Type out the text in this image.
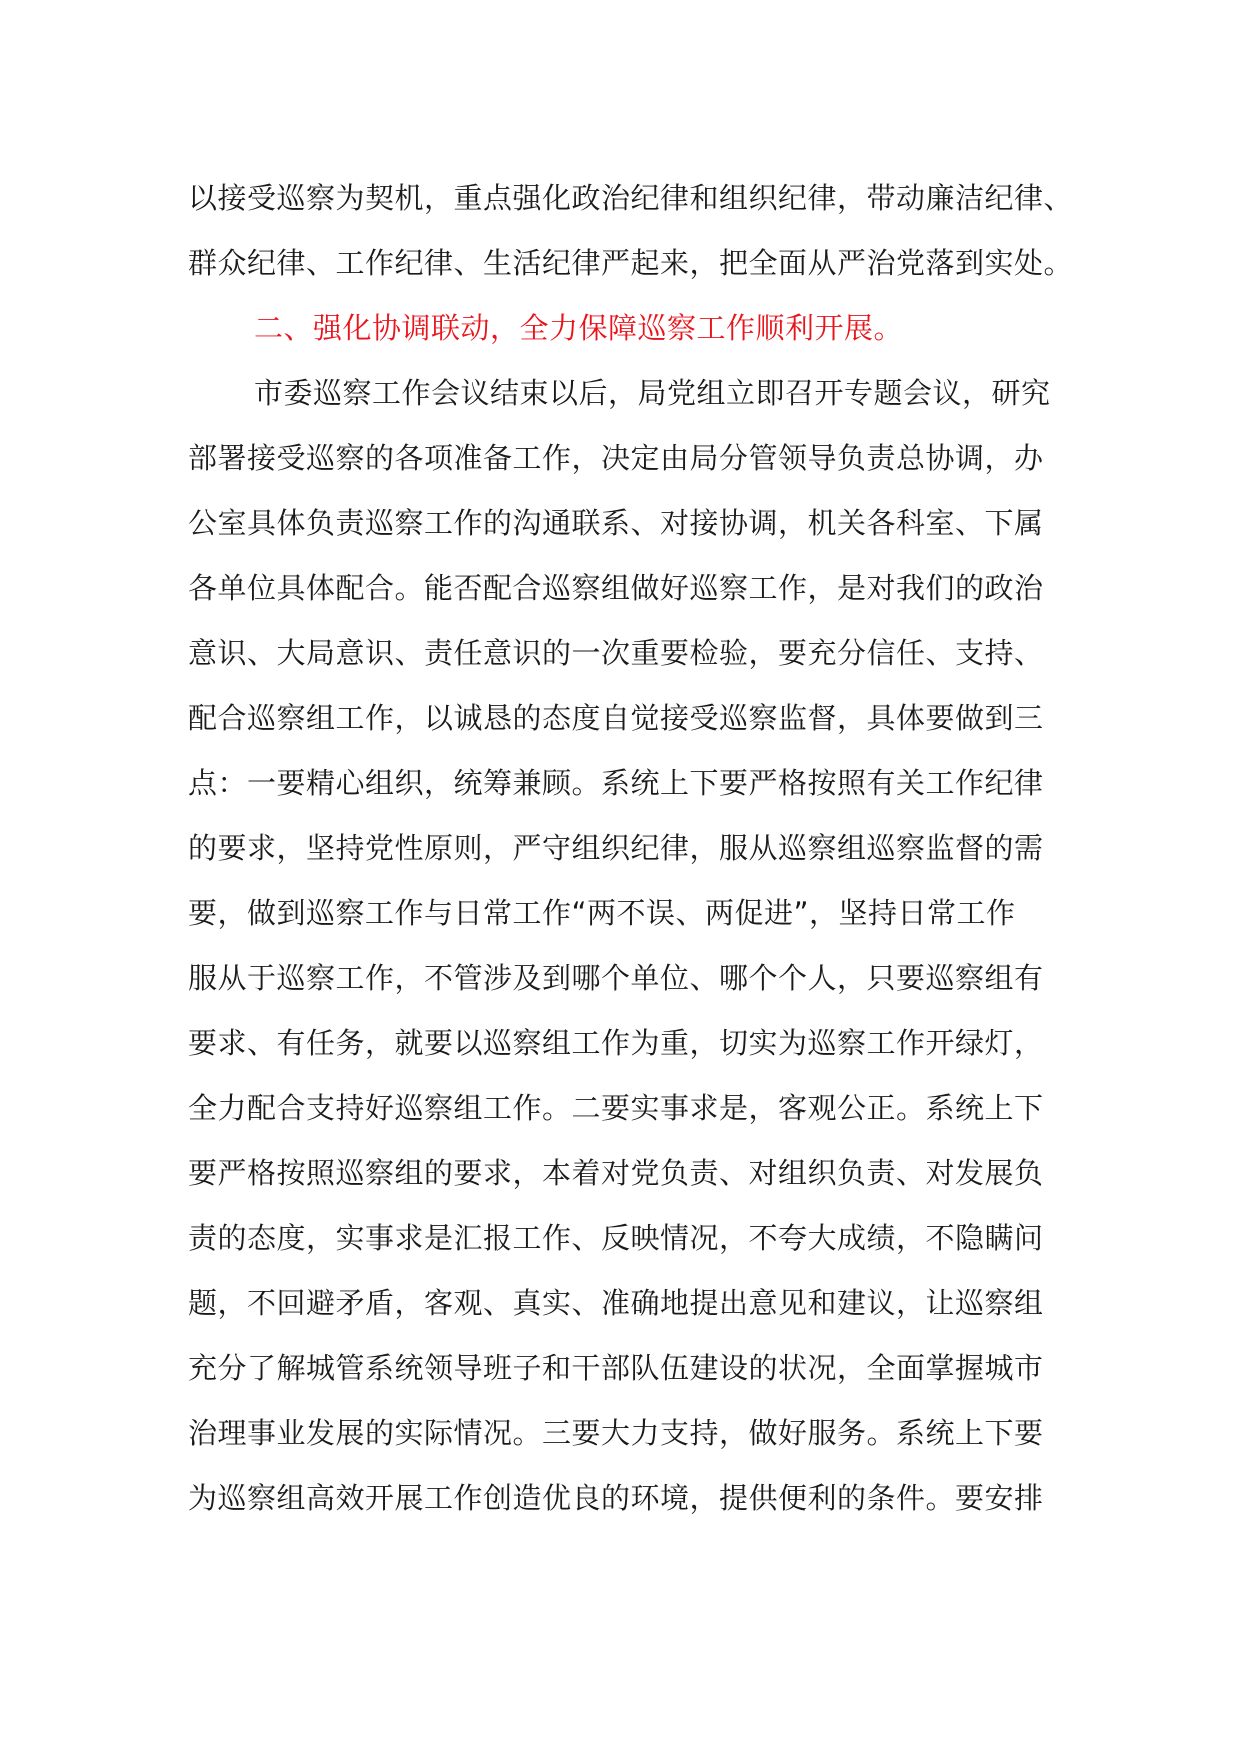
以接受巡察为契机，重点强化政治纪律和组织纪律，带动廉洁纪律、
群众纪律、工作纪律、生活纪律严起来，把全面从严治党落到实处。
二、强化协调联动，全力保障巡察工作顺利开展。
市委巡察工作会议结束以后，局党组立即召开专题会议，研究
部署接受巡察的各项准备工作，决定由局分管领导负责总协调，办
公室具体负责巡察工作的沟通联系、对接协调，机关各科室、下属
各单位具体配合。能否配合巡察组做好巡察工作，是对我们的政治
意识、大局意识、责任意识的一次重要检验，要充分信任、支持、
配合巡察组工作，以诚恳的态度自觉接受巡察监督，具体要做到三
点：一要精心组织，统筹兼顾。系统上下要严格按照有关工作纪律
的要求，坚持党性原则，严守组织纪律，服从巡察组巡察监督的需
要，做到巡察工作与日常工作“两不误、两促进”，坚持日常工作
服从于巡察工作，不管涉及到哪个单位、哪个个人，只要巡察组有
要求、有任务，就要以巡察组工作为重，切实为巡察工作开绿灯，
全力配合支持好巡察组工作。二要实事求是，客观公正。系统上下
要严格按照巡察组的要求，本着对党负责、对组织负责、对发展负
责的态度，实事求是汇报工作、反映情况，不夸大成绩，不隐瞒问
题，不回避矛盾，客观、真实、准确地提出意见和建议，让巡察组
充分了解城管系统领导班子和干部队伍建设的状况，全面掌握城市
治理事业发展的实际情况。三要大力支持，做好服务。系统上下要
为巡察组高效开展工作创造优良的环境，提供便利的条件。要安排
